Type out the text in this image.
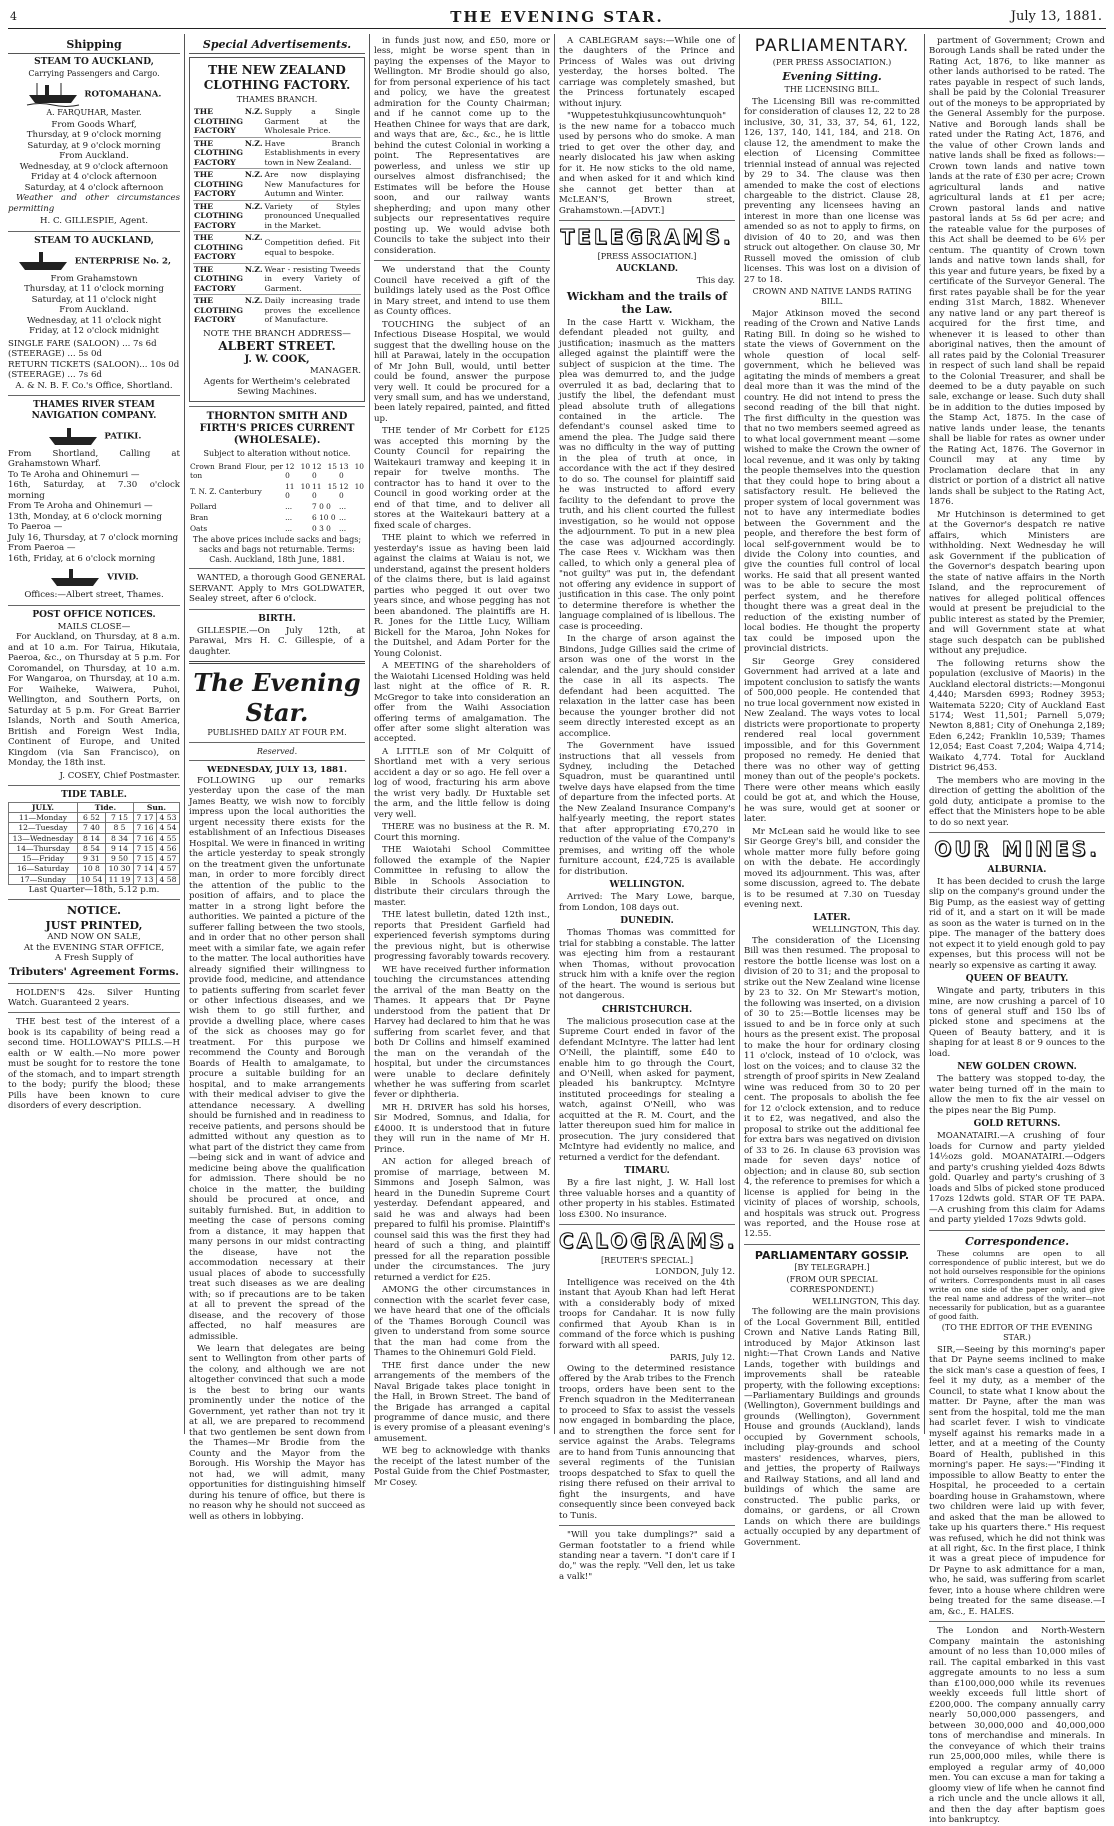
4	THE EVENING STAR.	July 13, 1881.
Shipping
STEAM TO AUCKLAND,
Carrying Passengers and Cargo.
ROTOMAHANA.
A. FARQUHAR, Master.
From Goods Wharf,
Thursday, at 9 o'clock morning
Saturday, at 9 o'clock morning
From Auckland.
Wednesday, at 9 o'clock afternoon
Friday at 4 o'clock afternoon
Saturday, at 4 o'clock afternoon

Weather and other circumstances permitting

H. C. GILLESPIE, Agent.
STEAM TO AUCKLAND,
ENTERPRISE No. 2,
From Grahamstown
Thursday, at 11 o'clock morning
Saturday, at 11 o'clock night
From Auckland.
Wednesday, at 11 o'clock night
Friday, at 12 o'clock midnight
SINGLE FARE (SALOON) ... 7s 6d
(STEERAGE) ... 5s 0d
RETURN TICKETS (SALOON)... 10s 0d
(STEERAGE) ... 7s 6d
A. & N. B. F. Co.'s Office, Shortland.
THAMES RIVER STEAM NAVIGATION COMPANY.
PATIKI.
From Shortland, Calling at Grahamstown Wharf.
To Te Aroha and Ohinemuri —
16th, Saturday, at 7.30 o'clock morning
From Te Aroha and Ohinemuri —
13th, Monday, at 6 o'clock morning
To Paeroa —
July 16, Thursday, at 7 o'clock morning
From Paeroa —
16th, Friday, at 6 o'clock morning
VIVID.
Offices:—Albert street, Thames.
POST OFFICE NOTICES.
MAILS CLOSE—

For Auckland, on Thursday, at 8 a.m. and at 10 a.m. For Tairua, Hikutaia, Paeroa, &c., on Thursday at 5 p.m. For Coromandel, on Thursday, at 10 a.m. For Wangaroa, on Thursday, at 10 a.m. For Waiheke, Waiwera, Puhoi, Wellington, and Southern Ports, on Saturday at 5 p.m. For Great Barrier Islands, North and South America, British and Foreign West India, Continent of Europe, and United Kingdom (via San Francisco), on Monday, the 18th inst.

J. COSEY, Chief Postmaster.
TIDE TABLE.
JULY.	Tide.		Sun.	
11—Monday	6 52	7 15	7 17	4 53
12—Tuesday	7 40	8 5	7 16	4 54
13—Wednesday	8 14	8 34	7 16	4 55
14—Thursday	8 54	9 14	7 15	4 56
15—Friday	9 31	9 50	7 15	4 57
16—Saturday	10 8	10 30	7 14	4 57
17—Sunday	10 54	11 19	7 13	4 58
Last Quarter—18th, 5.12 p.m.
NOTICE.
JUST PRINTED,
AND NOW ON SALE,
At the EVENING STAR OFFICE,
A Fresh Supply of
Tributers' Agreement Forms.

HOLDEN'S 42s. Silver Hunting Watch. Guaranteed 2 years.

THE best test of the interest of a book is its capability of being read a second time. HOLLOWAY'S PILLS.—H ealth or W ealth.—No more power must be sought for to restore the tone of the stomach, and to impart strength to the body; purify the blood; these Pills have been known to cure disorders of every description.

Special Advertisements.
THE NEW ZEALAND CLOTHING FACTORY.
THAMES BRANCH.
THE N.Z. CLOTHING FACTORY	Supply a Single Garment at the Wholesale Price.
THE N.Z. CLOTHING FACTORY	Have Branch Establishments in every town in New Zealand.
THE N.Z. CLOTHING FACTORY	Are now displaying New Manufactures for Autumn and Winter.
THE N.Z. CLOTHING FACTORY	Variety of Styles pronounced Unequalled in the Market.
THE N.Z. CLOTHING FACTORY	Competition defied. Fit equal to bespoke.
THE N.Z. CLOTHING FACTORY	Wear - resisting Tweeds in every Variety of Garment.
THE N.Z. CLOTHING FACTORY	Daily increasing trade proves the excellence of Manufacture.
NOTE THE BRANCH ADDRESS—
ALBERT STREET.
J. W. COOK,
MANAGER.
Agents for Wertheim's celebrated Sewing Machines.
THORNTON SMITH AND FIRTH'S PRICES CURRENT (WHOLESALE).
Subject to alteration without notice.
Crown Brand Flour, per ton	12 10 0	12 15 0	13 10 0
T. N. Z. Canterbury	11 10 0	11 15 0	12 10 0
Pollard	...	7 0 0	...
Bran	...	6 10 0	...
Oats	...	0 3 0	...
The above prices include sacks and bags; sacks and bags not returnable. Terms: Cash. Auckland, 18th June, 1881.

WANTED, a thorough Good GENERAL SERVANT. Apply to Mrs GOLDWATER, Sealey street, after 6 o'clock.

BIRTH.

GILLESPIE.—On July 12th, at Parawai, Mrs H. C. Gillespie, of a daughter.

The Evening Star.
PUBLISHED DAILY AT FOUR P.M.
Reserved.
WEDNESDAY, JULY 13, 1881.

FOLLOWING up our remarks yesterday upon the case of the man James Beatty, we wish now to forcibly impress upon the local authorities the urgent necessity there exists for the establishment of an Infectious Diseases Hospital. We were in financed in writing the article yesterday to speak strongly on the treatment given the unfortunate man, in order to more forcibly direct the attention of the public to the position of affairs, and to place the matter in a strong light before the authorities. We painted a picture of the sufferer falling between the two stools, and in order that no other person shall meet with a similar fate, we again refer to the matter. The local authorities have already signified their willingness to provide food, medicine, and attendance to patients suffering from scarlet fever or other infectious diseases, and we wish them to go still further, and provide a dwelling place, where cases of the sick as chooses may go for treatment. For this purpose we recommend the County and Borough Boards of Health to amalgamate, to procure a suitable building for an hospital, and to make arrangements with their medical adviser to give the attendance necessary. A dwelling should be furnished and in readiness to receive patients, and persons should be admitted without any question as to what part of the district they came from—being sick and in want of advice and medicine being above the qualification for admission. There should be no choice in the matter, the building should be procured at once, and suitably furnished. But, in addition to meeting the case of persons coming from a distance, it may happen that many persons in our midst contracting the disease, have not the accommodation necessary at their usual places of abode to successfully treat such diseases as we are dealing with; so if precautions are to be taken at all to prevent the spread of the disease, and the recovery of those affected, no half measures are admissible.

We learn that delegates are being sent to Wellington from other parts of the colony, and although we are not altogether convinced that such a mode is the best to bring our wants prominently under the notice of the Government, yet rather than not try it at all, we are prepared to recommend that two gentlemen be sent down from the Thames—Mr Brodie from the County and the Mayor from the Borough. His Worship the Mayor has not had, we will admit, many opportunities for distinguishing himself during his tenure of office, but there is no reason why he should not succeed as well as others in lobbying.

in funds just now, and £50, more or less, might be worse spent than in paying the expenses of the Mayor to Wellington. Mr Brodie should go also, for from personal experience of his tact and policy, we have the greatest admiration for the County Chairman; and if he cannot come up to the Heathen Chinee for ways that are dark, and ways that are, &c., &c., he is little behind the cutest Colonial in working a point. The Representatives are powerless, and unless we stir up ourselves almost disfranchised; the Estimates will be before the House soon, and our railway wants shepherding; and upon many other subjects our representatives require posting up. We would advise both Councils to take the subject into their consideration.

We understand that the County Council have received a gift of the buildings lately used as the Post Office in Mary street, and intend to use them as County offices.

TOUCHING the subject of an Infectious Disease Hospital, we would suggest that the dwelling house on the hill at Parawai, lately in the occupation of Mr John Bull, would, until better could be found, answer the purpose very well. It could be procured for a very small sum, and has we understand, been lately repaired, painted, and fitted up.

THE tender of Mr Corbett for £125 was accepted this morning by the County Council for repairing the Waitekauri tramway and keeping it in repair for twelve months. The contractor has to hand it over to the Council in good working order at the end of that time, and to deliver all stores at the Waitekauri battery at a fixed scale of charges.

THE plaint to which we referred in yesterday's issue as having been laid against the claims at Waiau is not, we understand, against the present holders of the claims there, but is laid against parties who pegged it out over two years since, and whose pegging has not been abandoned. The plaintiffs are H. R. Jones for the Little Lucy, William Bickell for the Maroa, John Nokes for the Duitshel, and Adam Porter for the Young Colonist.

A MEETING of the shareholders of the Waiotahi Licensed Holding was held last night at the office of R. R. McGregor to take into consideration an offer from the Waihi Association offering terms of amalgamation. The offer after some slight alteration was accepted.

A LITTLE son of Mr Colquitt of Shortland met with a very serious accident a day or so ago. He fell over a log of wood, fracturing his arm above the wrist very badly. Dr Huxtable set the arm, and the little fellow is doing very well.

THERE was no business at the R. M. Court this morning.

THE Waiotahi School Committee followed the example of the Napier Committee in refusing to allow the Bible in Schools Association to distribute their circulars through the master.

THE latest bulletin, dated 12th inst., reports that President Garfield had experienced feverish symptoms during the previous night, but is otherwise progressing favorably towards recovery.

WE have received further information touching the circumstances attending the arrival of the man Beatty on the Thames. It appears that Dr Payne understood from the patient that Dr Harvey had declared to him that he was suffering from scarlet fever, and that both Dr Collins and himself examined the man on the verandah of the hospital, but under the circumstances were unable to declare definitely whether he was suffering from scarlet fever or diphtheria.

MR H. DRIVER has sold his horses, Sir Modred, Somnus, and Idalia, for £4000. It is understood that in future they will run in the name of Mr H. Prince.

AN action for alleged breach of promise of marriage, between M. Simmons and Joseph Salmon, was heard in the Dunedin Supreme Court yesterday. Defendant appeared, and said he was and always had been prepared to fulfil his promise. Plaintiff's counsel said this was the first they had heard of such a thing, and plaintiff pressed for all the reparation possible under the circumstances. The jury returned a verdict for £25.

AMONG the other circumstances in connection with the scarlet fever case, we have heard that one of the officials of the Thames Borough Council was given to understand from some source that the man had come from the Thames to the Ohinemuri Gold Field.

THE first dance under the new arrangements of the members of the Naval Brigade takes place tonight in the Hall, in Brown Street. The band of the Brigade has arranged a capital programme of dance music, and there is every promise of a pleasant evening's amusement.

WE beg to acknowledge with thanks the receipt of the latest number of the Postal Guide from the Chief Postmaster, Mr Cosey.

A CABLEGRAM says:—While one of the daughters of the Prince and Princess of Wales was out driving yesterday, the horses bolted. The carriage was completely smashed, but the Princess fortunately escaped without injury.

"Wuppetestuhkqiusuncowhtunquoh" is the new name for a tobacco much used by persons who do smoke. A man tried to get over the other day, and nearly dislocated his jaw when asking for it. He now sticks to the old name, and when asked for it and which kind she cannot get better than at McLEAN'S, Brown street, Grahamstown.—[ADVT.]

TELEGRAMS.
[PRESS ASSOCIATION.]
AUCKLAND.
This day.
Wickham and the trails of the Law.

In the case Hartt v. Wickham, the defendant pleaded not guilty, and justification; inasmuch as the matters alleged against the plaintiff were the subject of suspicion at the time. The plea was demurred to, and the judge overruled it as bad, declaring that to justify the libel, the defendant must plead absolute truth of allegations contained in the article. The defendant's counsel asked time to amend the plea. The Judge said there was no difficulty in the way of putting in the plea of truth at once, in accordance with the act if they desired to do so. The counsel for plaintiff said he was instructed to afford every facility to the defendant to prove the truth, and his client courted the fullest investigation, so he would not oppose the adjournment. To put in a new plea the case was adjourned accordingly. The case Rees v. Wickham was then called, to which only a general plea of "not guilty" was put in, the defendant not offering any evidence in support of justification in this case. The only point to determine therefore is whether the language complained of is libellous. The case is proceeding.

In the charge of arson against the Bindons, Judge Gillies said the crime of arson was one of the worst in the calendar, and the jury should consider the case in all its aspects. The defendant had been acquitted. The relaxation in the latter case has been because the younger brother did not seem directly interested except as an accomplice.

The Government have issued instructions that all vessels from Sydney, including the Detached Squadron, must be quarantined until twelve days have elapsed from the time of departure from the infected ports. At the New Zealand Insurance Company's half-yearly meeting, the report states that after appropriating £70,270 in reduction of the value of the Company's premises, and writing off the whole furniture account, £24,725 is available for distribution.

WELLINGTON.

Arrived: The Mary Lowe, barque, from London, 108 days out.

DUNEDIN.

Thomas Thomas was committed for trial for stabbing a constable. The latter was ejecting him from a restaurant when Thomas, without provocation struck him with a knife over the region of the heart. The wound is serious but not dangerous.

CHRISTCHURCH.

The malicious prosecution case at the Supreme Court ended in favor of the defendant McIntyre. The latter had lent O'Neill, the plaintiff, some £40 to enable him to go through the Court, and O'Neill, when asked for payment, pleaded his bankruptcy. McIntyre instituted proceedings for stealing a watch, against O'Neill, who was acquitted at the R. M. Court, and the latter thereupon sued him for malice in prosecution. The jury considered that McIntyre had evidently no malice, and returned a verdict for the defendant.

TIMARU.

By a fire last night, J. W. Hall lost three valuable horses and a quantity of other property in his stables. Estimated loss £300. No insurance.

CALOGRAMS.
[REUTER'S SPECIAL.]
LONDON, July 12.

Intelligence was received on the 4th instant that Ayoub Khan had left Herat with a considerably body of mixed troops for Candahar. It is now fully confirmed that Ayoub Khan is in command of the force which is pushing forward with all speed.

PARIS, July 12.

Owing to the determined resistance offered by the Arab tribes to the French troops, orders have been sent to the French squadron in the Mediterranean to proceed to Sfax to assist the vessels now engaged in bombarding the place, and to strengthen the force sent for service against the Arabs. Telegrams are to hand from Tunis announcing that several regiments of the Tunisian troops despatched to Sfax to quell the rising there refused on their arrival to fight the insurgents, and have consequently since been conveyed back to Tunis.

"Will you take dumplings?" said a German footstatler to a friend while standing near a tavern. "I don't care if I do," was the reply. "Vell den, let us take a valk!"

PARLIAMENTARY.
(PER PRESS ASSOCIATION.)
Evening Sitting.
THE LICENSING BILL.

The Licensing Bill was re-committed for consideration of clauses 12, 22 to 28 inclusive, 30, 31, 33, 37, 54, 61, 122, 126, 137, 140, 141, 184, and 218. On clause 12, the amendment to make the election of Licensing Committee triennial instead of annual was rejected by 29 to 34. The clause was then amended to make the cost of elections chargeable to the district. Clause 28, preventing any licensees having an interest in more than one license was amended so as not to apply to firms, on division of 40 to 20, and was then struck out altogether. On clause 30, Mr Russell moved the omission of club licenses. This was lost on a division of 27 to 18.

CROWN AND NATIVE LANDS RATING BILL.

Major Atkinson moved the second reading of the Crown and Native Lands Rating Bill. In doing so he wished to state the views of Government on the whole question of local self-government, which he believed was agitating the minds of members a great deal more than it was the mind of the country. He did not intend to press the second reading of the bill that night. The first difficulty in the question was that no two members seemed agreed as to what local government meant —some wished to make the Crown the owner of local revenue, and it was only by taking the people themselves into the question that they could hope to bring about a satisfactory result. He believed the proper system of local government was not to have any intermediate bodies between the Government and the people, and therefore the best form of local self-government would be to divide the Colony into counties, and give the counties full control of local works. He said that all present wanted was to be able to secure the most perfect system, and he therefore thought there was a great deal in the reduction of the existing number of local bodies. He thought the property tax could be imposed upon the provincial districts.

Sir George Grey considered Government had arrived at a late and impotent conclusion to satisfy the wants of 500,000 people. He contended that no true local government now existed in New Zealand. The ways votes to local districts were proportionate to property rendered real local government impossible, and for this Government proposed no remedy. He denied that there was no other way of getting money than out of the people's pockets. There were other means which easily could be got at, and which the House, he was sure, would get at sooner or later.

Mr McLean said he would like to see Sir George Grey's bill, and consider the whole matter more fully before going on with the debate. He accordingly moved its adjournment. This was, after some discussion, agreed to. The debate is to be resumed at 7.30 on Tuesday evening next.

LATER.
WELLINGTON, This day.

The consideration of the Licensing Bill was then resumed. The proposal to restore the bottle license was lost on a division of 20 to 31; and the proposal to strike out the New Zealand wine license by 23 to 32. On Mr Stewart's motion, the following was inserted, on a division of 30 to 25:—Bottle licenses may be issued to and be in force only at such hours as the present exist. The proposal to make the hour for ordinary closing 11 o'clock, instead of 10 o'clock, was lost on the voices; and to clause 32 the strength of proof spirits in New Zealand wine was reduced from 30 to 20 per cent. The proposals to abolish the fee for 12 o'clock extension, and to reduce it to £2, was negatived, and also the proposal to strike out the additional fee for extra bars was negatived on division of 33 to 26. In clause 63 provision was made for seven days' notice of objection; and in clause 80, sub section 4, the reference to premises for which a license is applied for being in the vicinity of places of worship, schools, and hospitals was struck out. Progress was reported, and the House rose at 12.55.

PARLIAMENTARY GOSSIP.
[BY TELEGRAPH.]
(FROM OUR SPECIAL CORRESPONDENT.)
WELLINGTON, This day.

The following are the main provisions of the Local Government Bill, entitled Crown and Native Lands Rating Bill, introduced by Major Atkinson last night:—That Crown Lands and Native Lands, together with buildings and improvements shall be rateable property, with the following exceptions:—Parliamentary Buildings and grounds (Wellington), Government buildings and grounds (Wellington), Government House and grounds (Auckland), lands occupied by Government schools, including play-grounds and school masters' residences, wharves, piers, and jetties, the property of Railways and Railway Stations, and all land and buildings of which the same are constructed. The public parks, or domains, or gardens, or all Crown Lands on which there are buildings actually occupied by any department of Government.

partment of Government; Crown and Borough Lands shall be rated under the Rating Act, 1876, to like manner as other lands authorised to be rated. The rates payable in respect of such lands, shall be paid by the Colonial Treasurer out of the moneys to be appropriated by the General Assembly for the purpose. Native and Borough lands shall be rated under the Rating Act, 1876, and the value of other Crown lands and native lands shall be fixed as follows:—Crown town lands and native town lands at the rate of £30 per acre; Crown agricultural lands and native agricultural lands at £1 per acre; Crown pastoral lands and native pastoral lands at 5s 6d per acre; and the rateable value for the purposes of this Act shall be deemed to be 6½ per centum. The quantity of Crown town lands and native town lands shall, for this year and future years, be fixed by a certificate of the Surveyor General. The first rates payable shall be for the year ending 31st March, 1882. Whenever any native land or any part thereof is acquired for the first time, and whenever it is leased to other than aboriginal natives, then the amount of all rates paid by the Colonial Treasurer in respect of such land shall be repaid to the Colonial Treasurer, and shall be deemed to be a duty payable on such sale, exchange or lease. Such duty shall be in addition to the duties imposed by the Stamp Act, 1875. In the case of native lands under lease, the tenants shall be liable for rates as owner under the Rating Act, 1876. The Governor in Council may at any time by Proclamation declare that in any district or portion of a district all native lands shall be subject to the Rating Act, 1876.

Mr Hutchinson is determined to get at the Governor's despatch re native affairs, which Ministers are withholding. Next Wednesday he will ask Government if the publication of the Governor's despatch bearing upon the state of native affairs in the North Island, and the reprocurement of natives for alleged political offences would at present be prejudicial to the public interest as stated by the Premier, and will Government state at what stage such despatch can be published without any prejudice.

The following returns show the population (exclusive of Maoris) in the Auckland electoral districts:—Mongonui 4,440; Marsden 6993; Rodney 3953; Waitemata 5220; City of Auckland East 5174; West 11,501; Parnell 5,079; Newton 8,881; City of Onehunga 2,189; Eden 6,242; Franklin 10,539; Thames 12,054; East Coast 7,204; Waipa 4,714; Waikato 4,774. Total for Auckland District 96,453.

The members who are moving in the direction of getting the abolition of the gold duty, anticipate a promise to the effect that the Ministers hope to be able to do so next year.

OUR MINES.
ALBURNIA.

It has been decided to crush the large slip on the company's ground under the Big Pump, as the easiest way of getting rid of it, and a start on it will be made as soon as the water is turned on in the pipe. The manager of the battery does not expect it to yield enough gold to pay expenses, but this process will not be nearly so expensive as carting it away.

QUEEN OF BEAUTY.

Wingate and party, tributers in this mine, are now crushing a parcel of 10 tons of general stuff and 150 lbs of picked stone and specimens at the Queen of Beauty battery, and it is shaping for at least 8 or 9 ounces to the load.

NEW GOLDEN CROWN.

The battery was stopped to-day, the water being turned off in the main to allow the men to fix the air vessel on the pipes near the Big Pump.

GOLD RETURNS.

MOANATAIRI.—A crushing of four loads for Curnow and party yielded 14½ozs gold. MOANATAIRI.—Odgers and party's crushing yielded 4ozs 8dwts gold. Quarley and party's crushing of 3 loads and 5lbs of picked stone produced 17ozs 12dwts gold. STAR OF TE PAPA.—A crushing from this claim for Adams and party yielded 17ozs 9dwts gold.

Correspondence.

These columns are open to all correspondence of public interest, but we do not hold ourselves responsible for the opinions of writers. Correspondents must in all cases write on one side of the paper only, and give the real name and address of the writer—not necessarily for publication, but as a guarantee of good faith.

(TO THE EDITOR OF THE EVENING STAR.)

SIR,—Seeing by this morning's paper that Dr Payne seems inclined to make the sick man's case a question of fees, I feel it my duty, as a member of the Council, to state what I know about the matter. Dr Payne, after the man was sent from the hospital, told me the man had scarlet fever. I wish to vindicate myself against his remarks made in a letter, and at a meeting of the County Board of Health, published in this morning's paper. He says:—"Finding it impossible to allow Beatty to enter the Hospital, he proceeded to a certain boarding house in Grahamstown, where two children were laid up with fever, and asked that the man be allowed to take up his quarters there." His request was refused, which he did not think was at all right, &c. In the first place, I think it was a great piece of impudence for Dr Payne to ask admittance for a man, who, he said, was suffering from scarlet fever, into a house where children were being treated for the same disease.—I am, &c., E. HALES.

The London and North-Western Company maintain the astonishing amount of no less than 10,000 miles of rail. The capital embarked in this vast aggregate amounts to no less a sum than £100,000,000 while its revenues weekly exceeds full little short of £200,000. The company annually carry nearly 50,000,000 passengers, and between 30,000,000 and 40,000,000 tons of merchandise and minerals. In the conveyance of which their trains run 25,000,000 miles, while there is employed a regular army of 40,000 men. You can excuse a man for taking a gloomy view of life when he cannot find a rich uncle and the uncle allows it all, and then the day after baptism goes into bankruptcy.
